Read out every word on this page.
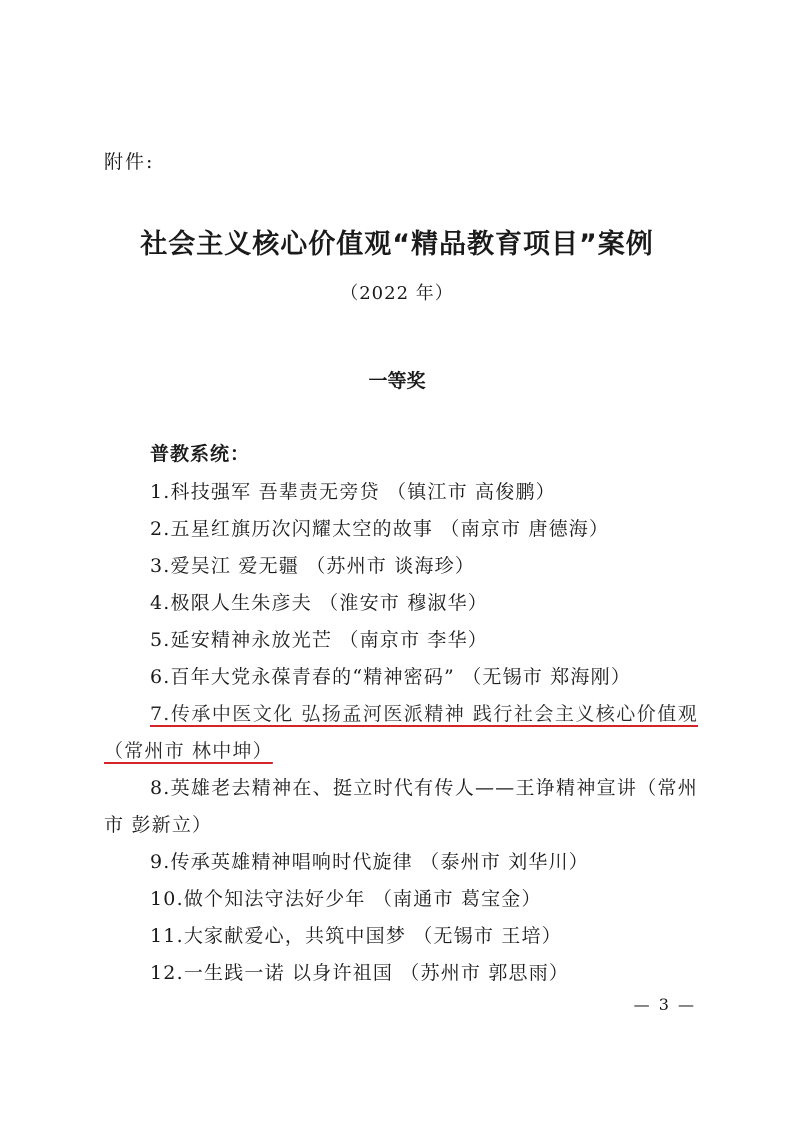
附件:
社会主义核心价值观“精品教育项目”案例
（2022 年）
一等奖
普教系统：
1.科技强军 吾辈责无旁贷 （镇江市 高俊鹏）
2.五星红旗历次闪耀太空的故事 （南京市 唐德海）
3.爱吴江 爱无疆 （苏州市 谈海珍）
4.极限人生朱彦夫 （淮安市 穆淑华）
5.延安精神永放光芒 （南京市 李华）
6.百年大党永葆青春的“精神密码” （无锡市 郑海刚）
7.传承中医文化 弘扬孟河医派精神 践行社会主义核心价值观 （常州市 林中坤）
8.英雄老去精神在、挺立时代有传人——王诤精神宣讲（常州市 彭新立）
9.传承英雄精神唱响时代旋律 （泰州市 刘华川）
10.做个知法守法好少年 （南通市 葛宝金）
11.大家献爱心，共筑中国梦 （无锡市 王培）
12.一生践一诺 以身许祖国 （苏州市 郭思雨）
— 3 —
